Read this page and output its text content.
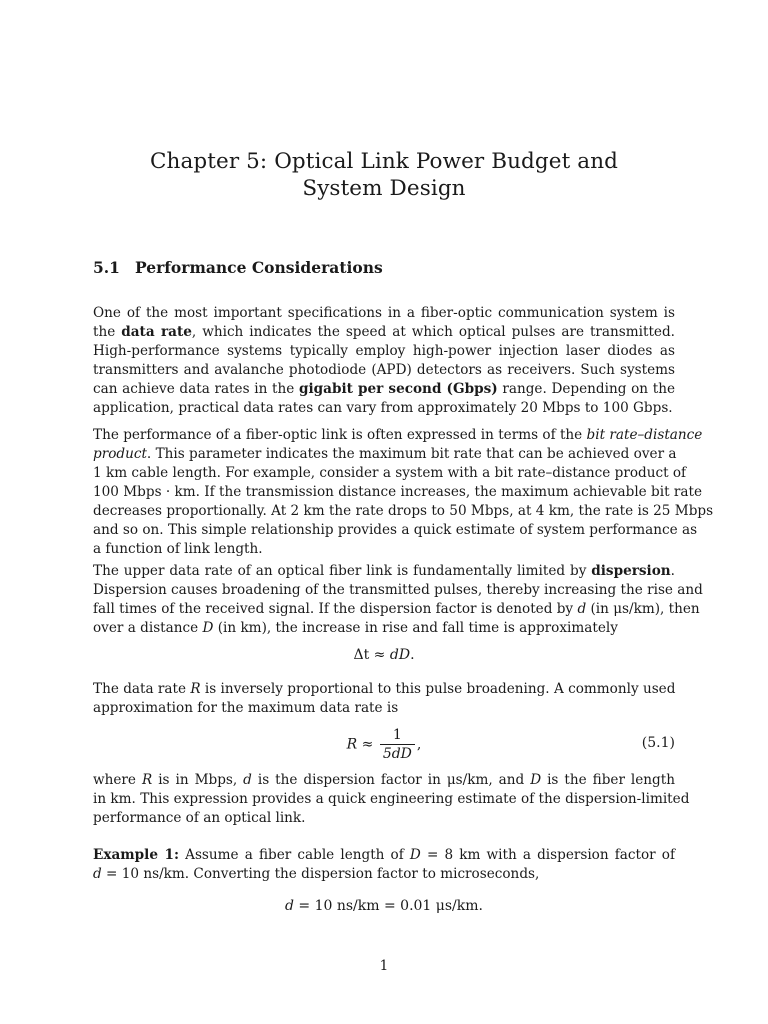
Chapter 5: Optical Link Power Budget and
System Design
5.1 Performance Considerations
One of the most important specifications in a fiber-optic communication system is
the data rate, which indicates the speed at which optical pulses are transmitted.
High-performance systems typically employ high-power injection laser diodes as
transmitters and avalanche photodiode (APD) detectors as receivers. Such systems
can achieve data rates in the gigabit per second (Gbps) range. Depending on the
application, practical data rates can vary from approximately 20 Mbps to 100 Gbps.
The performance of a fiber-optic link is often expressed in terms of the bit rate–distance
product. This parameter indicates the maximum bit rate that can be achieved over a
1 km cable length. For example, consider a system with a bit rate–distance product of
100 Mbps · km. If the transmission distance increases, the maximum achievable bit rate
decreases proportionally. At 2 km the rate drops to 50 Mbps, at 4 km, the rate is 25 Mbps
and so on. This simple relationship provides a quick estimate of system performance as
a function of link length.
The upper data rate of an optical fiber link is fundamentally limited by dispersion.
Dispersion causes broadening of the transmitted pulses, thereby increasing the rise and
fall times of the received signal. If the dispersion factor is denoted by d (in μs/km), then
over a distance D (in km), the increase in rise and fall time is approximately
Δt ≈ dD.
The data rate R is inversely proportional to this pulse broadening. A commonly used
approximation for the maximum data rate is
$R \approx \frac{1}{5dD}$ ,	(5.1)
where R is in Mbps, d is the dispersion factor in μs/km, and D is the fiber length
in km. This expression provides a quick engineering estimate of the dispersion-limited
performance of an optical link.
Example 1: Assume a fiber cable length of D = 8 km with a dispersion factor of
d = 10 ns/km. Converting the dispersion factor to microseconds,
d = 10 ns/km = 0.01 μs/km.
1
